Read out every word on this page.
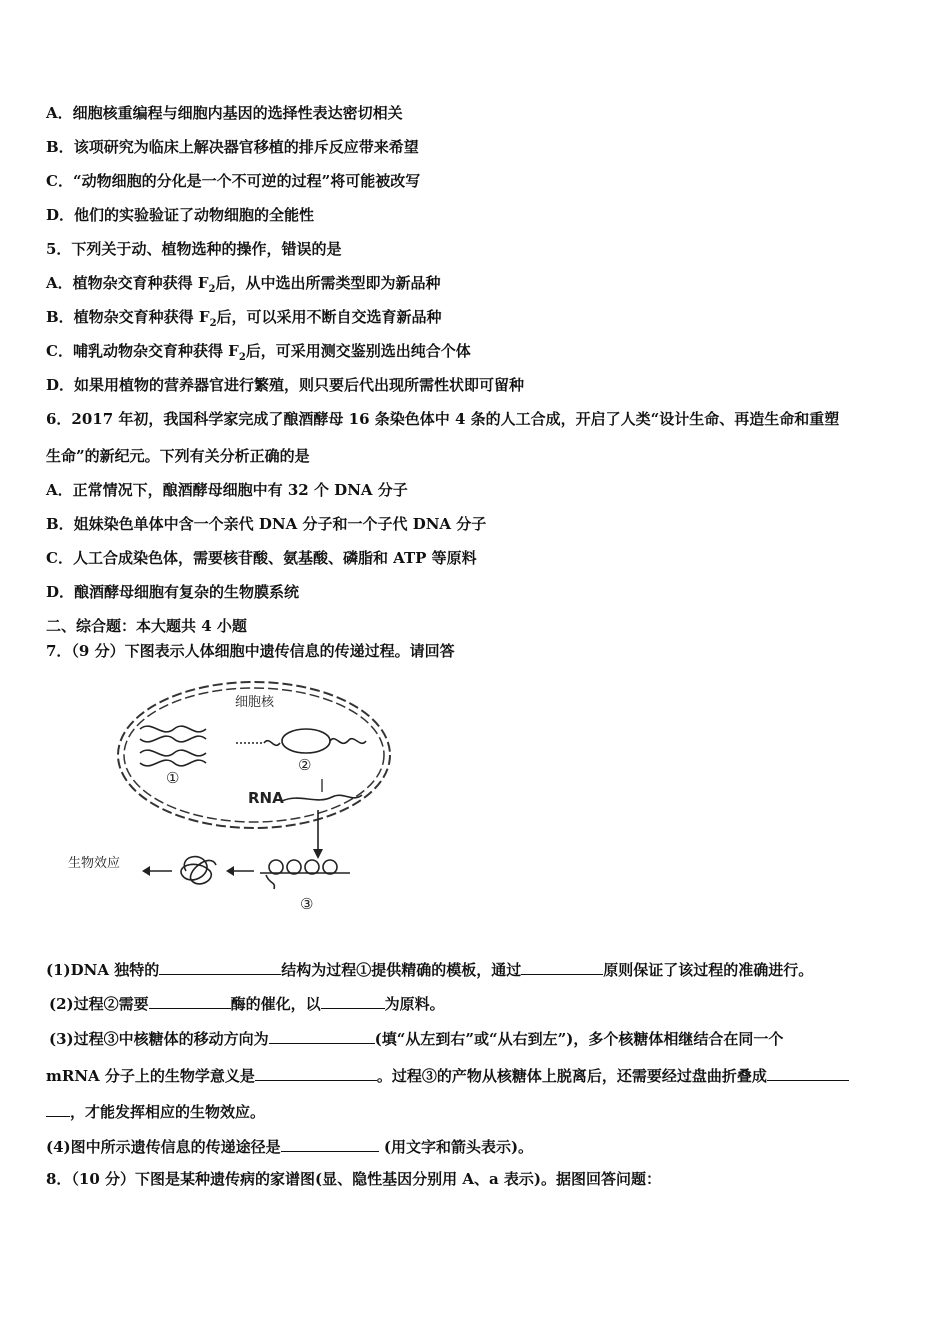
A．细胞核重编程与细胞内基因的选择性表达密切相关
B．该项研究为临床上解决器官移植的排斥反应带来希望
C．“动物细胞的分化是一个不可逆的过程”将可能被改写
D．他们的实验验证了动物细胞的全能性
5．下列关于动、植物选种的操作，错误的是
A．植物杂交育种获得 $F_2$后，从中选出所需类型即为新品种
B．植物杂交育种获得 $F_2$后，可以采用不断自交选育新品种
C．哺乳动物杂交育种获得 $F_2$后，可采用测交鉴别选出纯合个体
D．如果用植物的营养器官进行繁殖，则只要后代出现所需性状即可留种
6．2017 年初，我国科学家完成了酿酒酵母 16 条染色体中 4 条的人工合成，开启了人类“设计生命、再造生命和重塑
生命”的新纪元。下列有关分析正确的是
A．正常情况下，酿酒酵母细胞中有 32 个 DNA 分子
B．姐妹染色单体中含一个亲代 DNA 分子和一个子代 DNA 分子
C．人工合成染色体，需要核苷酸、氨基酸、磷脂和 ATP 等原料
D．酿酒酵母细胞有复杂的生物膜系统
二、综合题：本大题共 4 小题
7．（9 分）下图表示人体细胞中遗传信息的传递过程。请回答
细胞核
①
②
RNA
③
生物效应
(1)DNA 独特的	结构为过程①提供精确的模板，通过	原则保证了该过程的准确进行。
(2)过程②需要	酶的催化，以	为原料。
(3)过程③中核糖体的移动方向为	(填“从左到右”或“从右到左”)，多个核糖体相继结合在同一个
mRNA 分子上的生物学意义是	。过程③的产物从核糖体上脱离后，还需要经过盘曲折叠成
，才能发挥相应的生物效应。
(4)图中所示遗传信息的传递途径是	(用文字和箭头表示)。
8．（10 分）下图是某种遗传病的家谱图(显、隐性基因分别用 A、a 表示)。据图回答问题：
